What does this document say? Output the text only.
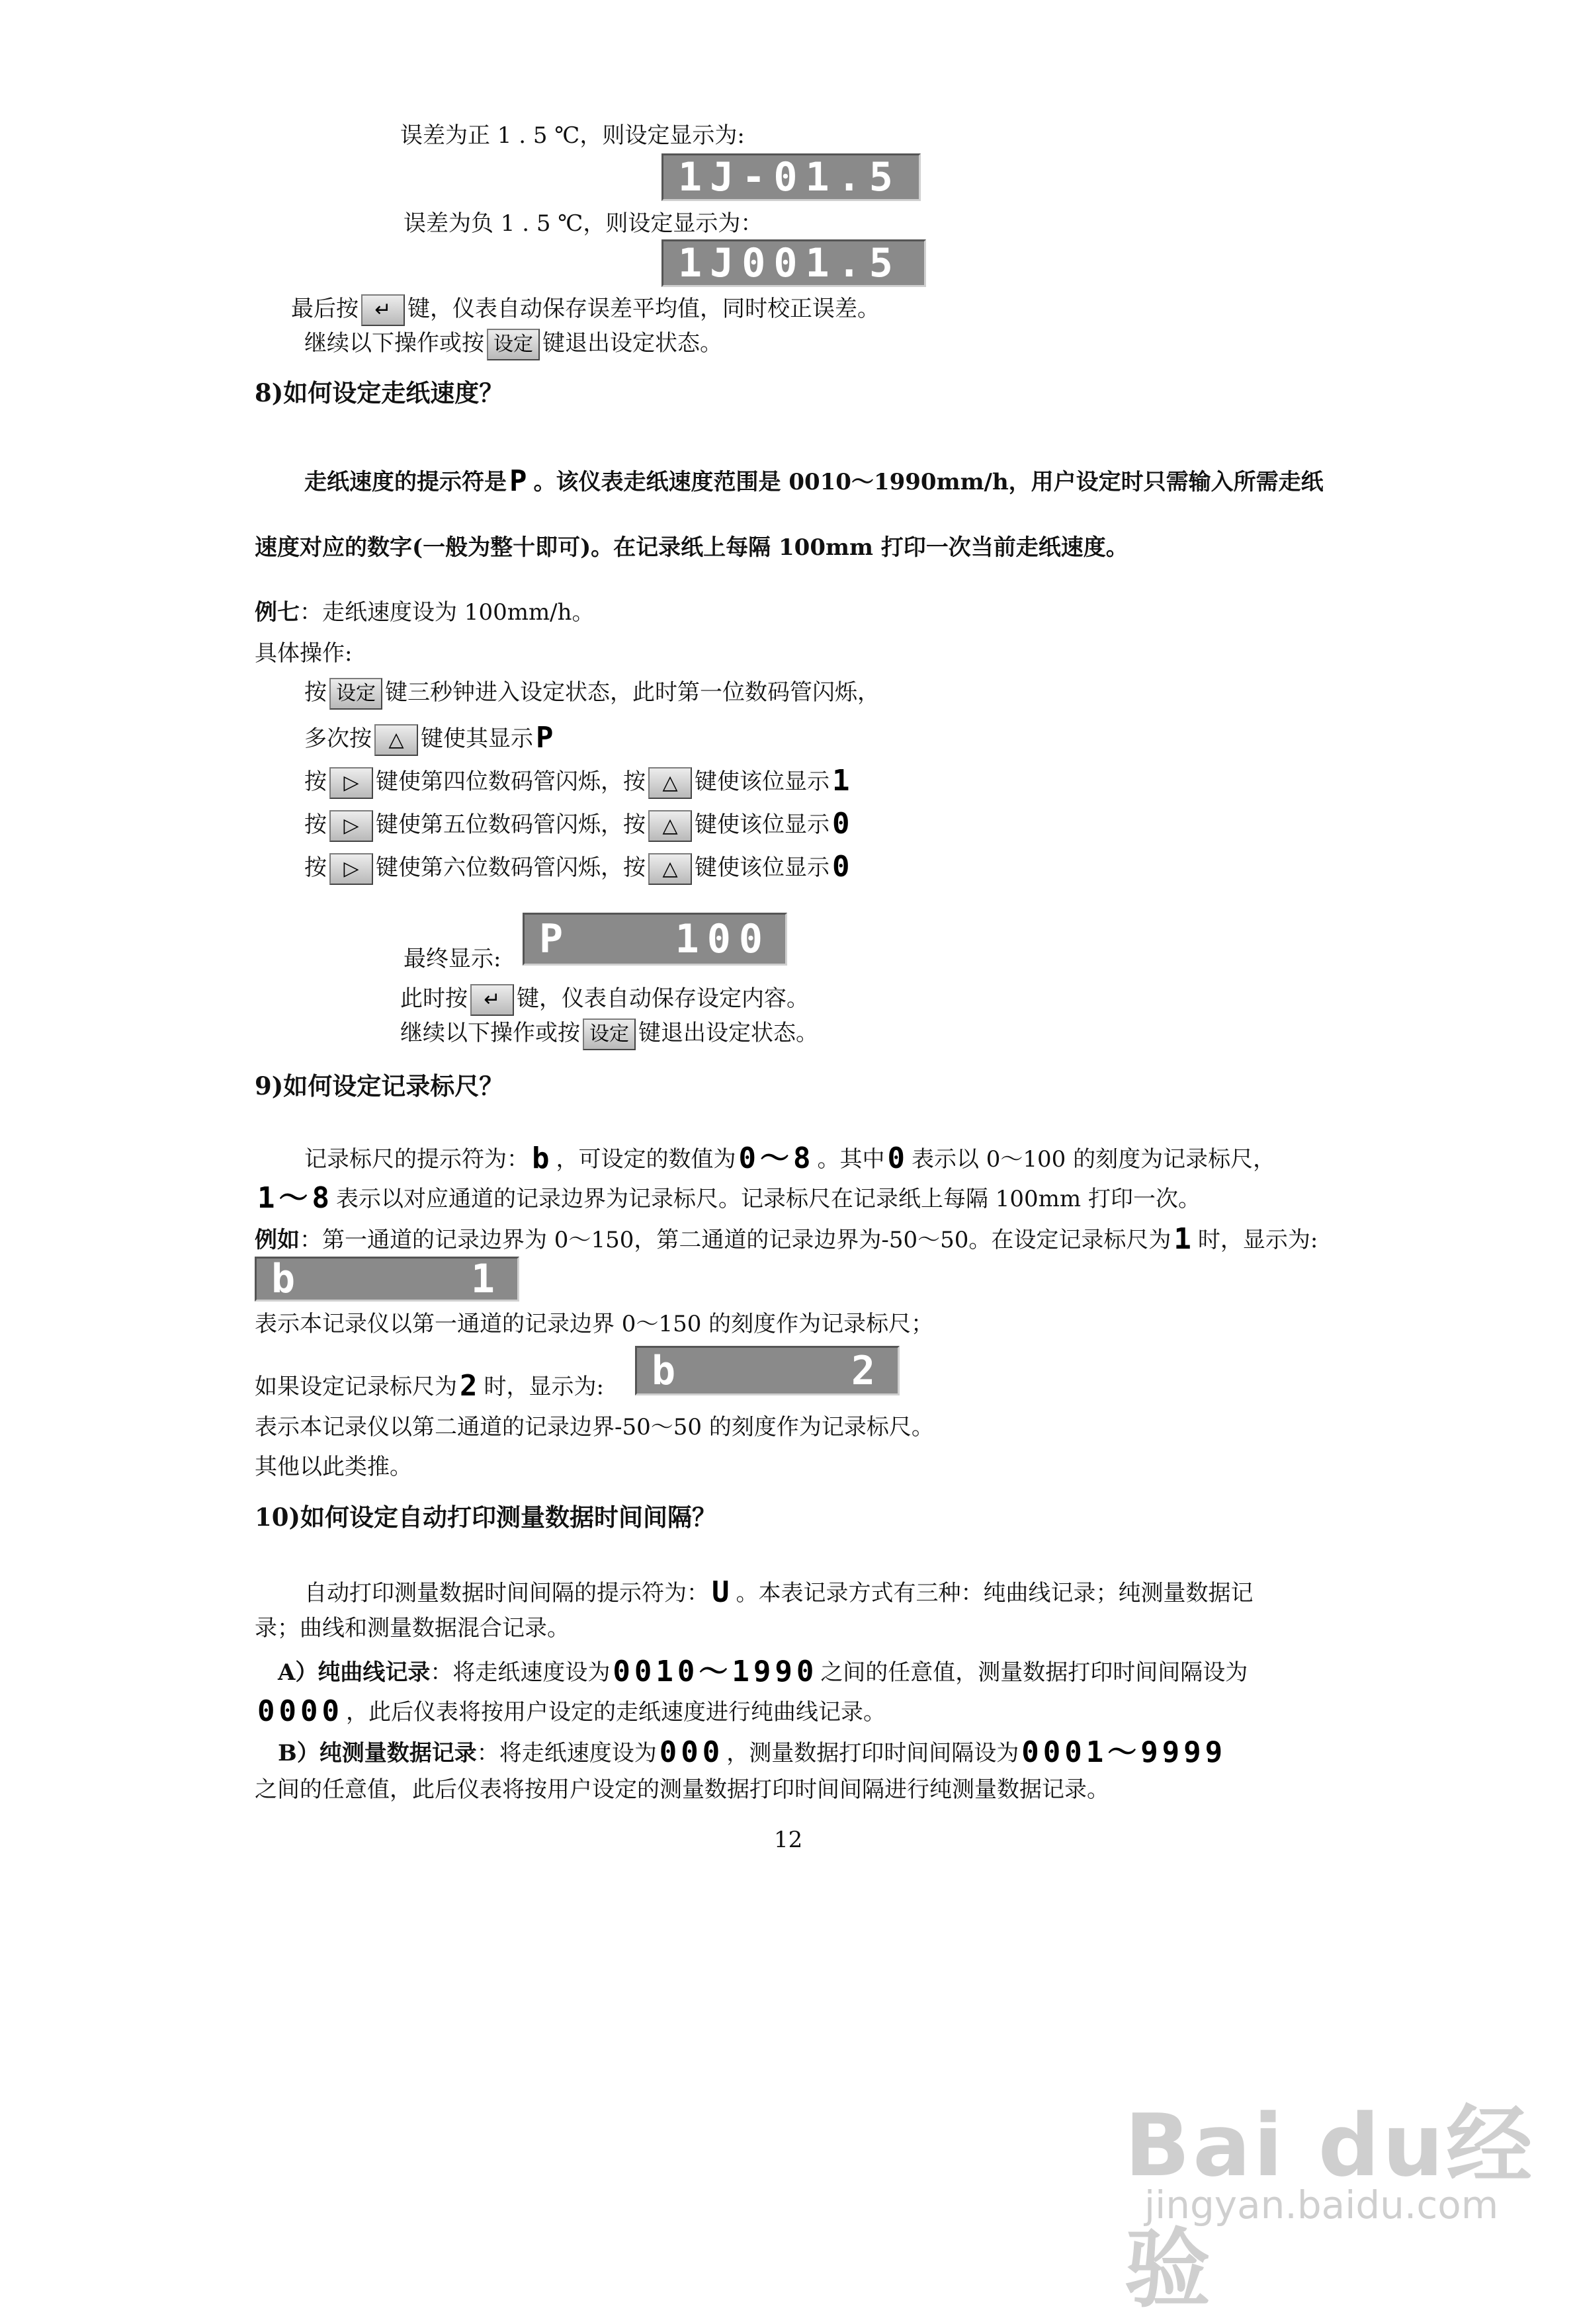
误差为正 1 . 5 ℃，则设定显示为:
1J-01.5
误差为负 1 . 5 ℃，则设定显示为：
1J001.5
最后按 ↵ 键，仪表自动保存误差平均值，同时校正误差。
继续以下操作或按 设定 键退出设定状态。
8)如何设定走纸速度？
走纸速度的提示符是P 。该仪表走纸速度范围是 0010～1990mm/h，用户设定时只需输入所需走纸
速度对应的数字(一般为整十即可)。在记录纸上每隔 100mm 打印一次当前走纸速度。
例七：走纸速度设为 100mm/h。
具体操作:
按 设定 键三秒钟进入设定状态，此时第一位数码管闪烁，
多次按 △ 键使其显示P
按 ▷ 键使第四位数码管闪烁，按 △ 键使该位显示1
按 ▷ 键使第五位数码管闪烁，按 △ 键使该位显示0
按 ▷ 键使第六位数码管闪烁，按 △ 键使该位显示0
最终显示: P	100
此时按 ↵ 键，仪表自动保存设定内容。
继续以下操作或按 设定 键退出设定状态。
9)如何设定记录标尺？
记录标尺的提示符为：b ，可设定的数值为0～8 。其中0 表示以 0～100 的刻度为记录标尺，
1～8 表示以对应通道的记录边界为记录标尺。记录标尺在记录纸上每隔 100mm 打印一次。
例如：第一通道的记录边界为 0～150，第二通道的记录边界为-50～50。在设定记录标尺为1 时，显示为:
b	1
表示本记录仪以第一通道的记录边界 0～150 的刻度作为记录标尺；
如果设定记录标尺为2 时，显示为: b	2
表示本记录仪以第二通道的记录边界-50～50 的刻度作为记录标尺。
其他以此类推。
10)如何设定自动打印测量数据时间间隔？
自动打印测量数据时间间隔的提示符为：U 。本表记录方式有三种：纯曲线记录；纯测量数据记
录；曲线和测量数据混合记录。
A）纯曲线记录：将走纸速度设为0010～1990 之间的任意值，测量数据打印时间间隔设为
0000 ，此后仪表将按用户设定的走纸速度进行纯曲线记录。
B）纯测量数据记录：将走纸速度设为000 ，测量数据打印时间间隔设为0001～9999
之间的任意值，此后仪表将按用户设定的测量数据打印时间间隔进行纯测量数据记录。
12
Bai du经验
jingyan.baidu.com
